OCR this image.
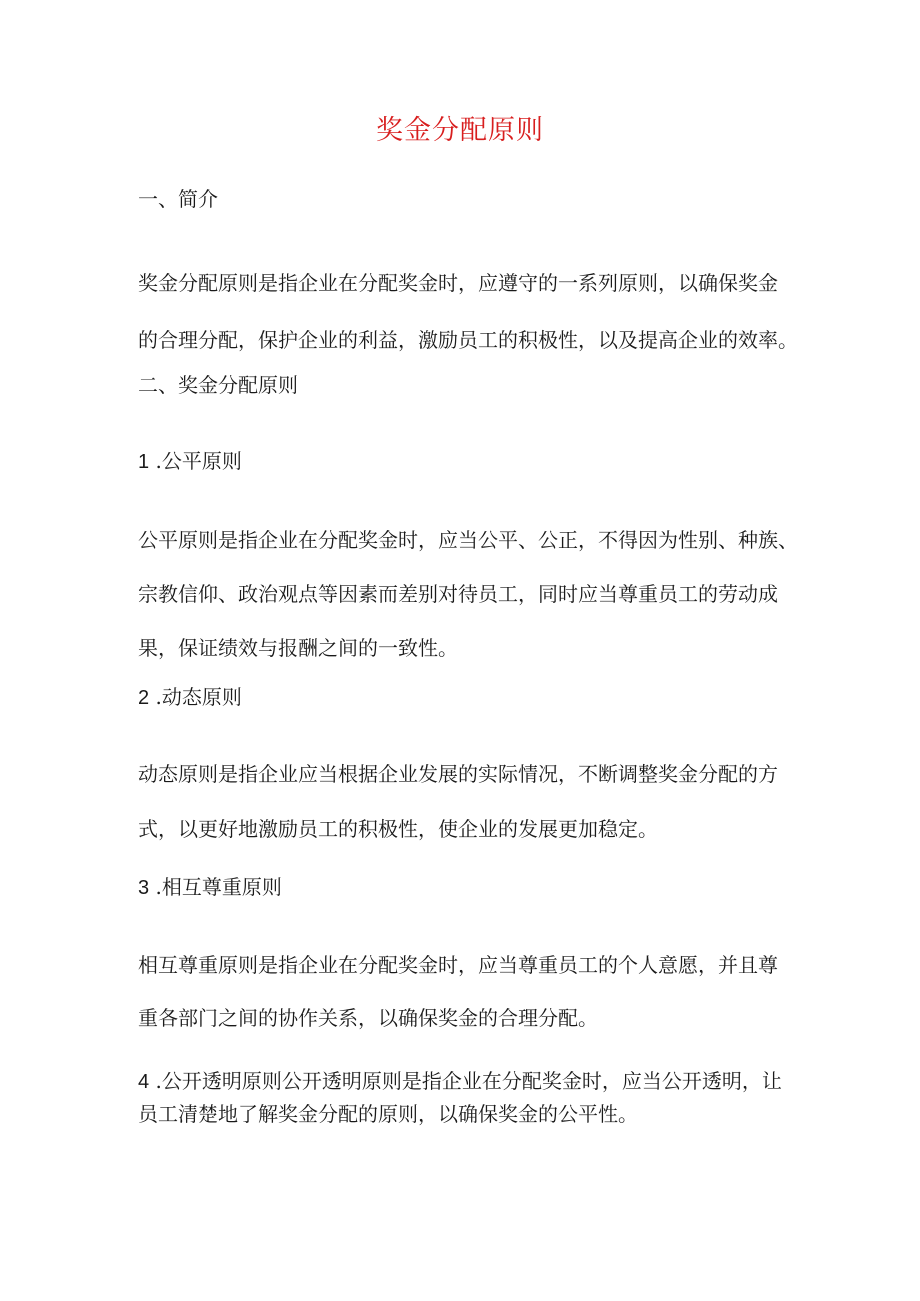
奖金分配原则

一、简介

奖金分配原则是指企业在分配奖金时，应遵守的一系列原则，以确保奖金

的合理分配，保护企业的利益，激励员工的积极性，以及提高企业的效率。

二、奖金分配原则

1 .公平原则

公平原则是指企业在分配奖金时，应当公平、公正，不得因为性别、种族、

宗教信仰、政治观点等因素而差别对待员工，同时应当尊重员工的劳动成

果，保证绩效与报酬之间的一致性。

2 .动态原则

动态原则是指企业应当根据企业发展的实际情况，不断调整奖金分配的方

式，以更好地激励员工的积极性，使企业的发展更加稳定。

3 .相互尊重原则

相互尊重原则是指企业在分配奖金时，应当尊重员工的个人意愿，并且尊

重各部门之间的协作关系，以确保奖金的合理分配。

4 .公开透明原则公开透明原则是指企业在分配奖金时，应当公开透明，让

员工清楚地了解奖金分配的原则，以确保奖金的公平性。
